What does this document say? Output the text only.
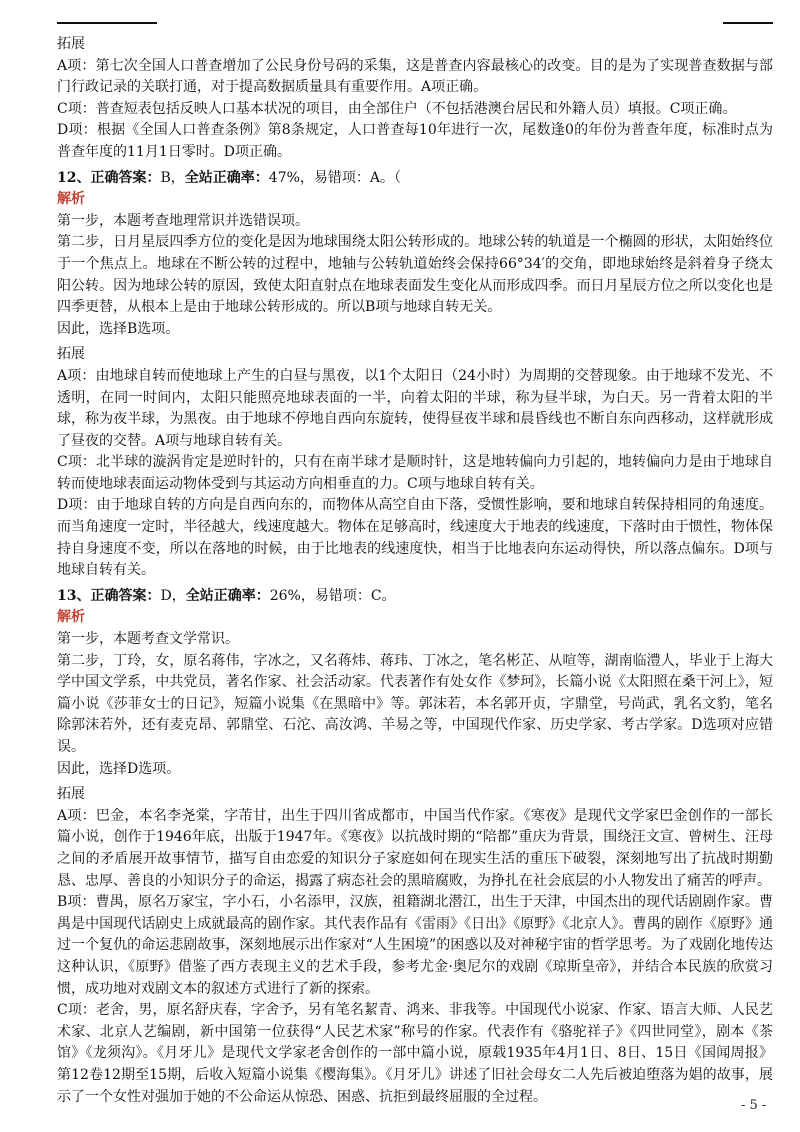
拓展

A项：第七次全国人口普查增加了公民身份号码的采集，这是普查内容最核心的改变。目的是为了实现普查数据与部门行政记录的关联打通，对于提高数据质量具有重要作用。A项正确。

C项：普查短表包括反映人口基本状况的项目，由全部住户（不包括港澳台居民和外籍人员）填报。C项正确。

D项：根据《全国人口普查条例》第8条规定，人口普查每10年进行一次，尾数逢0的年份为普查年度，标准时点为普查年度的11月1日零时。D项正确。

12、正确答案：B，全站正确率：47%，易错项：A。（

解析

第一步，本题考查地理常识并选错误项。

第二步，日月星辰四季方位的变化是因为地球围绕太阳公转形成的。地球公转的轨道是一个椭圆的形状，太阳始终位于一个焦点上。地球在不断公转的过程中，地轴与公转轨道始终会保持66°34′的交角，即地球始终是斜着身子绕太阳公转。因为地球公转的原因，致使太阳直射点在地球表面发生变化从而形成四季。而日月星辰方位之所以变化也是四季更替，从根本上是由于地球公转形成的。所以B项与地球自转无关。

因此，选择B选项。

拓展

A项：由地球自转而使地球上产生的白昼与黑夜，以1个太阳日（24小时）为周期的交替现象。由于地球不发光、不透明，在同一时间内，太阳只能照亮地球表面的一半，向着太阳的半球，称为昼半球，为白天。另一背着太阳的半球，称为夜半球，为黑夜。由于地球不停地自西向东旋转，使得昼夜半球和晨昏线也不断自东向西移动，这样就形成了昼夜的交替。A项与地球自转有关。

C项：北半球的漩涡肯定是逆时针的，只有在南半球才是顺时针，这是地转偏向力引起的，地转偏向力是由于地球自转而使地球表面运动物体受到与其运动方向相垂直的力。C项与地球自转有关。

D项：由于地球自转的方向是自西向东的，而物体从高空自由下落，受惯性影响，要和地球自转保持相同的角速度。而当角速度一定时，半径越大，线速度越大。物体在足够高时，线速度大于地表的线速度，下落时由于惯性，物体保持自身速度不变，所以在落地的时候，由于比地表的线速度快，相当于比地表向东运动得快，所以落点偏东。D项与地球自转有关。

13、正确答案：D，全站正确率：26%，易错项：C。

解析

第一步，本题考查文学常识。

第二步，丁玲，女，原名蒋伟，字冰之，又名蒋炜、蒋玮、丁冰之，笔名彬芷、从喧等，湖南临澧人，毕业于上海大学中国文学系，中共党员，著名作家、社会活动家。代表著作有处女作《梦珂》，长篇小说《太阳照在桑干河上》，短篇小说《莎菲女士的日记》，短篇小说集《在黑暗中》等。郭沫若，本名郭开贞，字鼎堂，号尚武，乳名文豹，笔名除郭沫若外，还有麦克昂、郭鼎堂、石沱、高汝鸿、羊易之等，中国现代作家、历史学家、考古学家。D选项对应错误。

因此，选择D选项。

拓展

A项：巴金，本名李尧棠，字芾甘，出生于四川省成都市，中国当代作家。《寒夜》是现代文学家巴金创作的一部长篇小说，创作于1946年底，出版于1947年。《寒夜》以抗战时期的“陪都”重庆为背景，围绕汪文宣、曾树生、汪母之间的矛盾展开故事情节，描写自由恋爱的知识分子家庭如何在现实生活的重压下破裂，深刻地写出了抗战时期勤恳、忠厚、善良的小知识分子的命运，揭露了病态社会的黑暗腐败，为挣扎在社会底层的小人物发出了痛苦的呼声。

B项：曹禺，原名万家宝，字小石，小名添甲，汉族，祖籍湖北潜江，出生于天津，中国杰出的现代话剧剧作家。曹禺是中国现代话剧史上成就最高的剧作家。其代表作品有《雷雨》《日出》《原野》《北京人》。曹禺的剧作《原野》通过一个复仇的命运悲剧故事，深刻地展示出作家对“人生困境”的困惑以及对神秘宇宙的哲学思考。为了戏剧化地传达这种认识，《原野》借鉴了西方表现主义的艺术手段，参考尤金·奥尼尔的戏剧《琼斯皇帝》，并结合本民族的欣赏习惯，成功地对戏剧文本的叙述方式进行了新的探索。

C项：老舍，男，原名舒庆春，字舍予，另有笔名絜青、鸿来、非我等。中国现代小说家、作家、语言大师、人民艺术家、北京人艺编剧，新中国第一位获得“人民艺术家”称号的作家。代表作有《骆驼祥子》《四世同堂》，剧本《茶馆》《龙须沟》。《月牙儿》是现代文学家老舍创作的一部中篇小说，原载1935年4月1日、8日、15日《国闻周报》第12卷12期至15期，后收入短篇小说集《樱海集》。《月牙儿》讲述了旧社会母女二人先后被迫堕落为娼的故事，展示了一个女性对强加于她的不公命运从惊恐、困惑、抗拒到最终屈服的全过程。

- 5 -
